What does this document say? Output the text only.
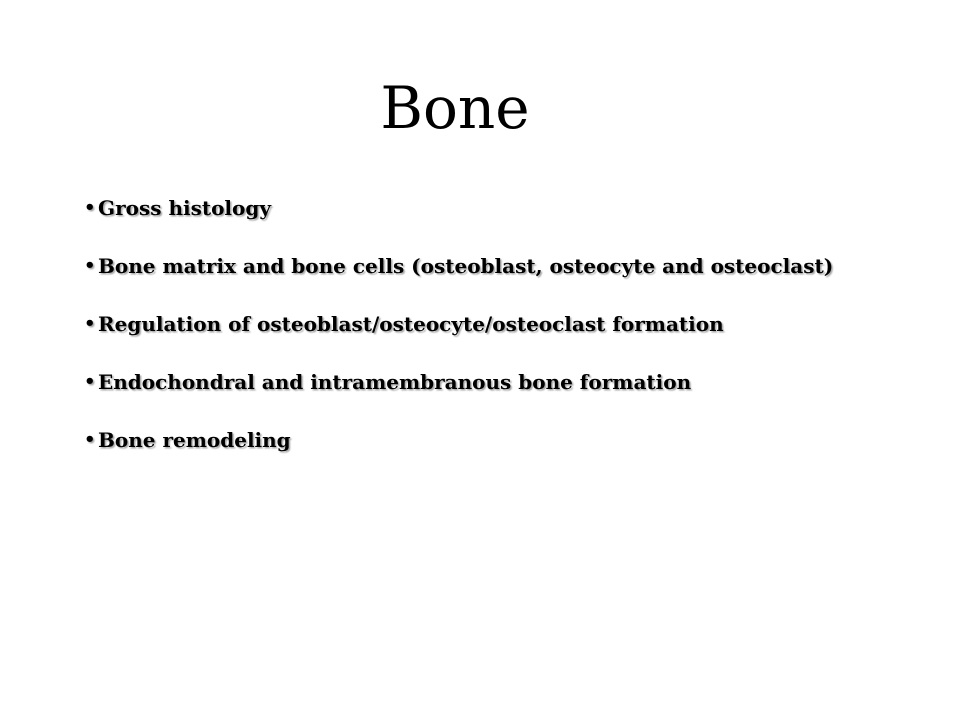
Bone
• Gross histology
• Bone matrix and bone cells (osteoblast, osteocyte and osteoclast)
• Regulation of osteoblast/osteocyte/osteoclast formation
• Endochondral and intramembranous bone formation
• Bone remodeling
